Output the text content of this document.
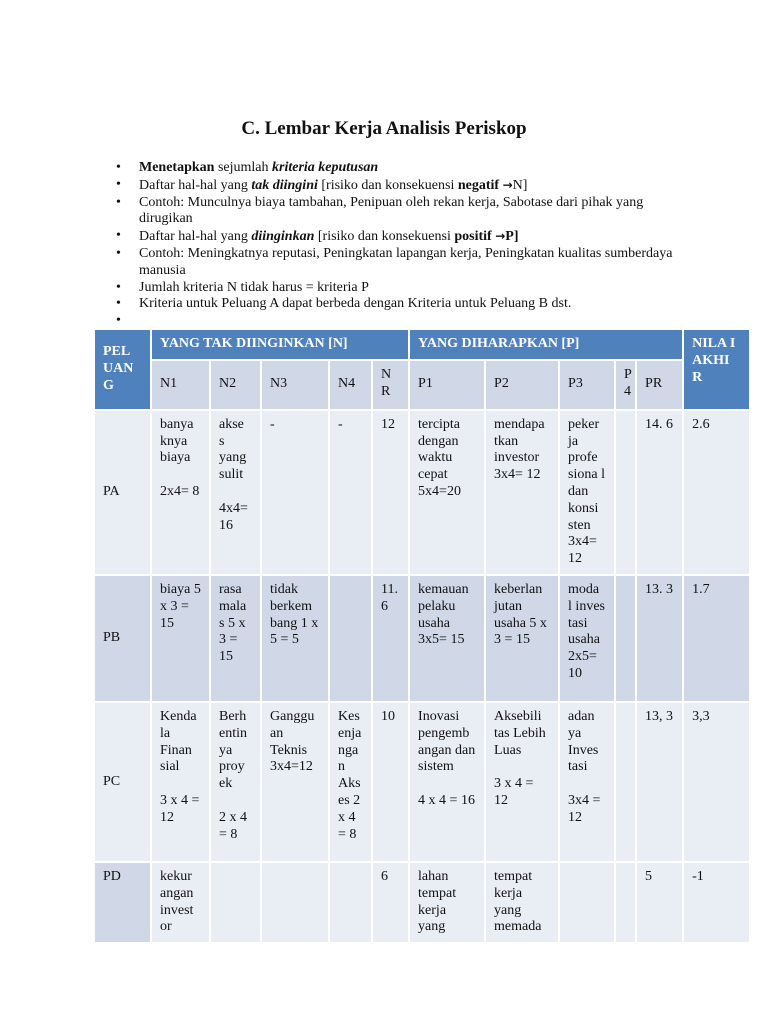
C. Lembar Kerja Analisis Periskop
• Menetapkan sejumlah kriteria keputusan
• Daftar hal-hal yang tak diingini [risiko dan konsekuensi negatif →N]
• Contoh: Munculnya biaya tambahan, Penipuan oleh rekan kerja, Sabotase dari pihak yang dirugikan
• Daftar hal-hal yang diinginkan [risiko dan konsekuensi positif →P]
• Contoh: Meningkatnya reputasi, Peningkatan lapangan kerja, Peningkatan kualitas sumberdaya manusia
• Jumlah kriteria N tidak harus = kriteria P
• Kriteria untuk Peluang A dapat berbeda dengan Kriteria untuk Peluang B dst.
•
PEL UAN G	YANG TAK DIINGINKAN [N]					YANG DIHARAPKAN [P]					NILA I AKHI R
	N1	N2	N3	N4	N R	P1	P2	P3	P 4	PR	
PA	banya knya biaya

2x4= 8	akse s yang sulit

4x4= 16	-	-	12	tercipta dengan waktu cepat 5x4=20	mendapa tkan investor 3x4= 12	peker ja profe siona l dan konsi sten 3x4= 12		14. 6	2.6
PB	biaya 5 x 3 = 15	rasa mala s 5 x 3 = 15	tidak berkem bang 1 x 5 = 5		11. 6	kemauan pelaku usaha 3x5= 15	keberlan jutan usaha 5 x 3 = 15	moda l inves tasi usaha 2x5= 10		13. 3	1.7
PC	Kenda la Finan sial

3 x 4 = 12	Berh entin ya proy ek

2 x 4 = 8	Ganggu an Teknis 3x4=12	Kes enja nga n Aks es 2 x 4 = 8	10	Inovasi pengemb angan dan sistem

4 x 4 = 16	Aksebili tas Lebih Luas

3 x 4 = 12	adan ya Inves tasi

3x4 = 12		13, 3	3,3
PD	kekur angan invest or				6	lahan tempat kerja yang	tempat kerja yang memada			5	-1
